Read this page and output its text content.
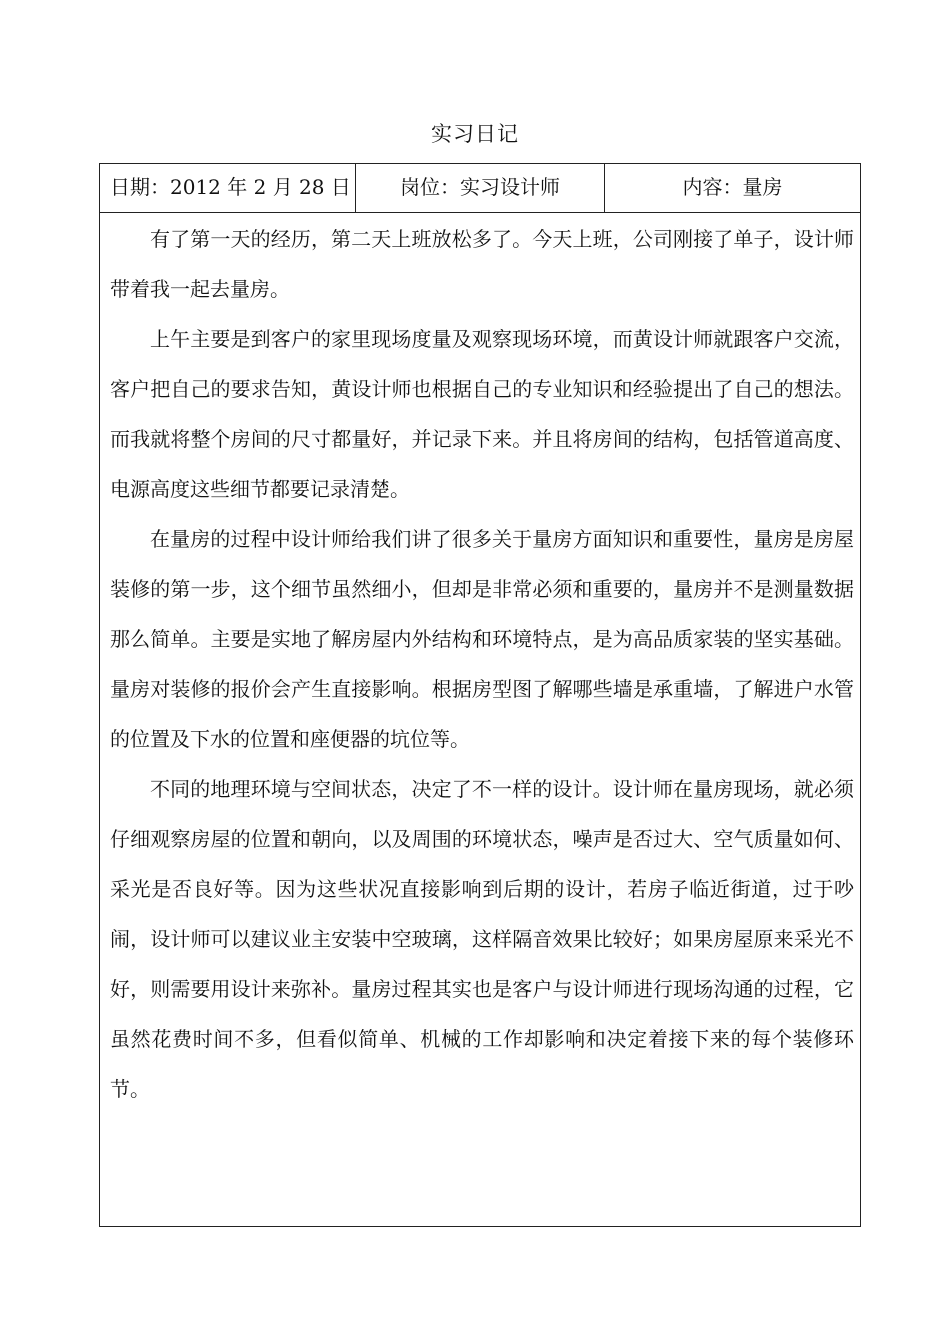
实习日记
日期：2012 年 2 月 28 日	岗位：实习设计师	内容：量房

有了第一天的经历，第二天上班放松多了。今天上班，公司刚接了单子，设计师带着我一起去量房。

上午主要是到客户的家里现场度量及观察现场环境，而黄设计师就跟客户交流，客户把自己的要求告知，黄设计师也根据自己的专业知识和经验提出了自己的想法。而我就将整个房间的尺寸都量好，并记录下来。并且将房间的结构，包括管道高度、电源高度这些细节都要记录清楚。

在量房的过程中设计师给我们讲了很多关于量房方面知识和重要性，量房是房屋装修的第一步，这个细节虽然细小，但却是非常必须和重要的，量房并不是测量数据那么简单。主要是实地了解房屋内外结构和环境特点，是为高品质家装的坚实基础。量房对装修的报价会产生直接影响。根据房型图了解哪些墙是承重墙，了解进户水管的位置及下水的位置和座便器的坑位等。

不同的地理环境与空间状态，决定了不一样的设计。设计师在量房现场，就必须仔细观察房屋的位置和朝向，以及周围的环境状态，噪声是否过大、空气质量如何、采光是否良好等。因为这些状况直接影响到后期的设计，若房子临近街道，过于吵闹，设计师可以建议业主安装中空玻璃，这样隔音效果比较好；如果房屋原来采光不好，则需要用设计来弥补。量房过程其实也是客户与设计师进行现场沟通的过程，它虽然花费时间不多，但看似简单、机械的工作却影响和决定着接下来的每个装修环节。
